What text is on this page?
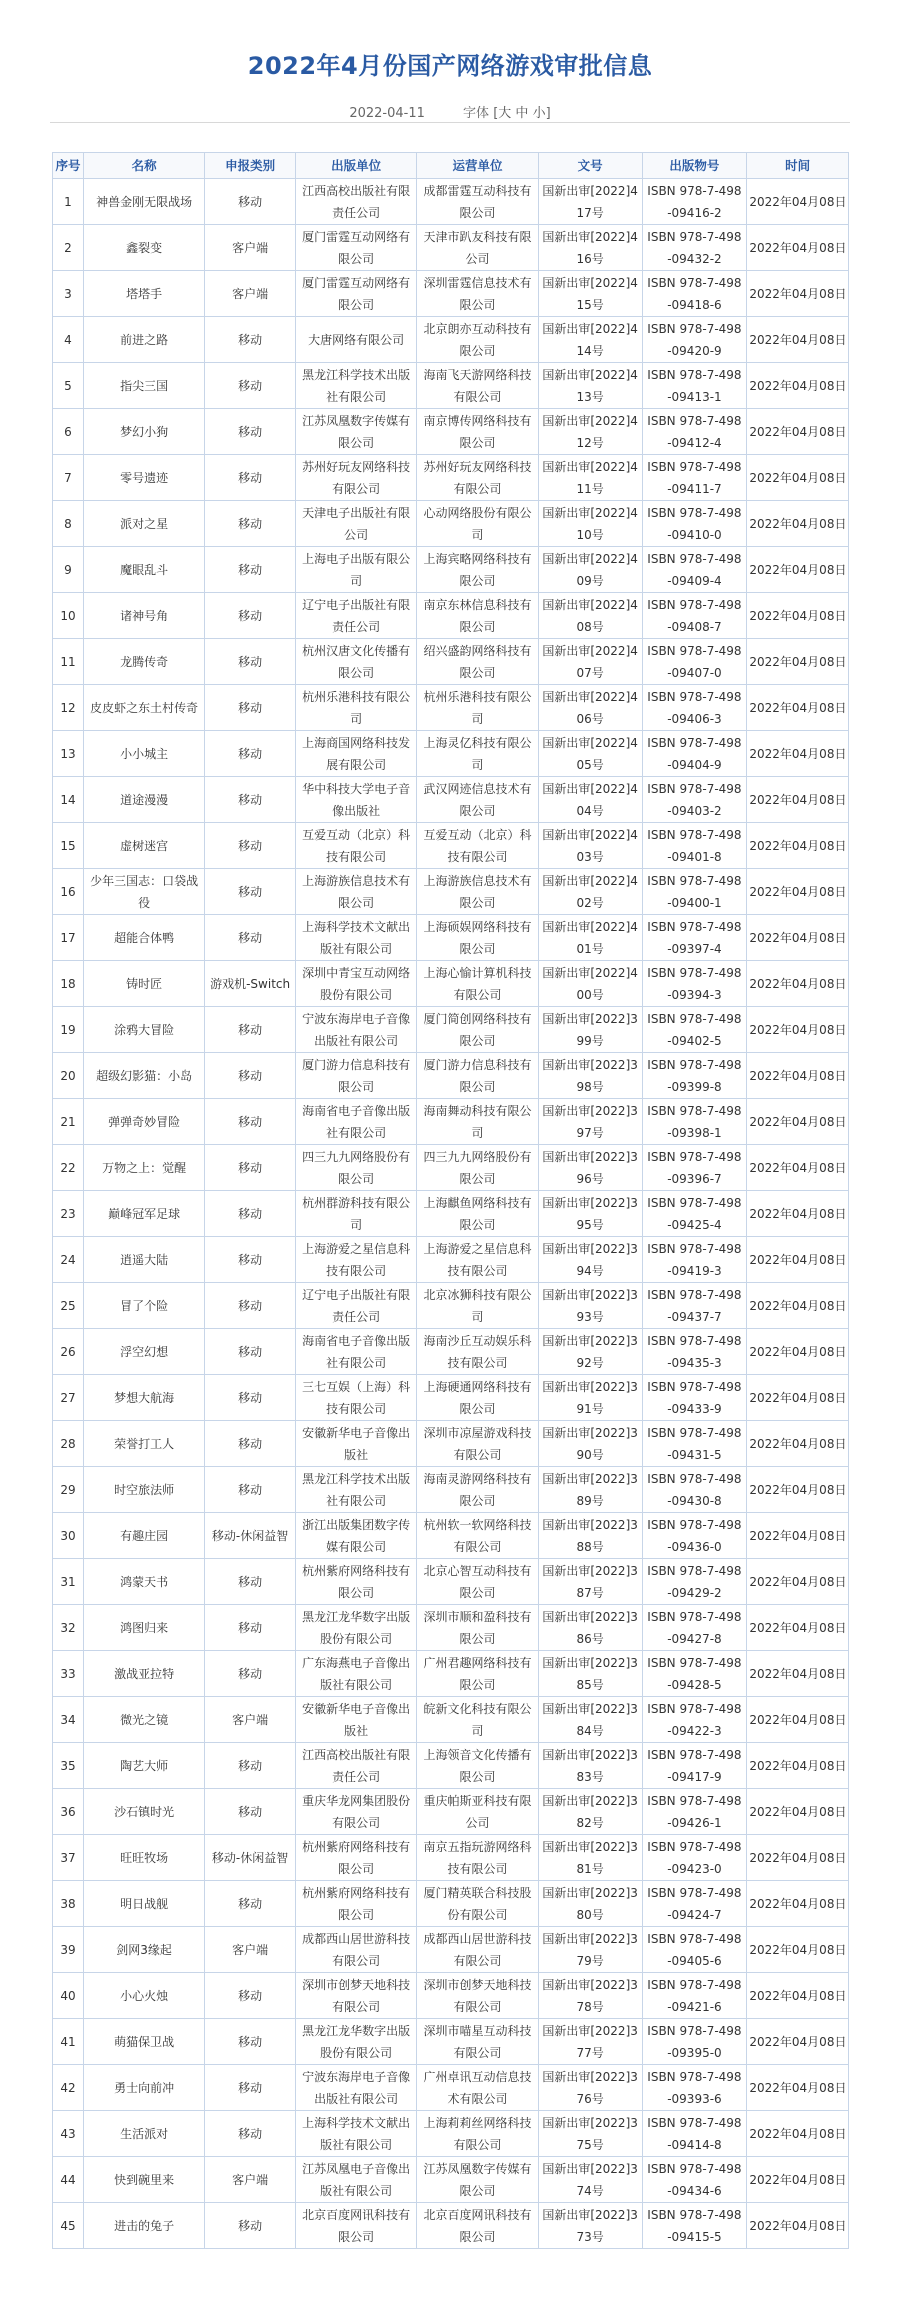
2022年4月份国产网络游戏审批信息
2022-04-11	字体 [大 中 小]
序号	名称	申报类别	出版单位	运营单位	文号	出版物号	时间
1	神兽金刚无限战场	移动	江西高校出版社有限责任公司	成都雷霆互动科技有限公司	国新出审[2022]417号	ISBN 978-7-498-09416-2	2022年04月08日
2	鑫裂变	客户端	厦门雷霆互动网络有限公司	天津市趴友科技有限公司	国新出审[2022]416号	ISBN 978-7-498-09432-2	2022年04月08日
3	塔塔手	客户端	厦门雷霆互动网络有限公司	深圳雷霆信息技术有限公司	国新出审[2022]415号	ISBN 978-7-498-09418-6	2022年04月08日
4	前进之路	移动	大唐网络有限公司	北京朗亦互动科技有限公司	国新出审[2022]414号	ISBN 978-7-498-09420-9	2022年04月08日
5	指尖三国	移动	黑龙江科学技术出版社有限公司	海南飞天游网络科技有限公司	国新出审[2022]413号	ISBN 978-7-498-09413-1	2022年04月08日
6	梦幻小狗	移动	江苏凤凰数字传媒有限公司	南京博传网络科技有限公司	国新出审[2022]412号	ISBN 978-7-498-09412-4	2022年04月08日
7	零号遗迹	移动	苏州好玩友网络科技有限公司	苏州好玩友网络科技有限公司	国新出审[2022]411号	ISBN 978-7-498-09411-7	2022年04月08日
8	派对之星	移动	天津电子出版社有限公司	心动网络股份有限公司	国新出审[2022]410号	ISBN 978-7-498-09410-0	2022年04月08日
9	魔眼乱斗	移动	上海电子出版有限公司	上海宾略网络科技有限公司	国新出审[2022]409号	ISBN 978-7-498-09409-4	2022年04月08日
10	诸神号角	移动	辽宁电子出版社有限责任公司	南京东林信息科技有限公司	国新出审[2022]408号	ISBN 978-7-498-09408-7	2022年04月08日
11	龙腾传奇	移动	杭州汉唐文化传播有限公司	绍兴盛韵网络科技有限公司	国新出审[2022]407号	ISBN 978-7-498-09407-0	2022年04月08日
12	皮皮虾之东土村传奇	移动	杭州乐港科技有限公司	杭州乐港科技有限公司	国新出审[2022]406号	ISBN 978-7-498-09406-3	2022年04月08日
13	小小城主	移动	上海商国网络科技发展有限公司	上海灵亿科技有限公司	国新出审[2022]405号	ISBN 978-7-498-09404-9	2022年04月08日
14	道途漫漫	移动	华中科技大学电子音像出版社	武汉网迹信息技术有限公司	国新出审[2022]404号	ISBN 978-7-498-09403-2	2022年04月08日
15	虚树迷宫	移动	互爱互动（北京）科技有限公司	互爱互动（北京）科技有限公司	国新出审[2022]403号	ISBN 978-7-498-09401-8	2022年04月08日
16	少年三国志：口袋战役	移动	上海游族信息技术有限公司	上海游族信息技术有限公司	国新出审[2022]402号	ISBN 978-7-498-09400-1	2022年04月08日
17	超能合体鸭	移动	上海科学技术文献出版社有限公司	上海硕娱网络科技有限公司	国新出审[2022]401号	ISBN 978-7-498-09397-4	2022年04月08日
18	铸时匠	游戏机-Switch	深圳中青宝互动网络股份有限公司	上海心愉计算机科技有限公司	国新出审[2022]400号	ISBN 978-7-498-09394-3	2022年04月08日
19	涂鸦大冒险	移动	宁波东海岸电子音像出版社有限公司	厦门简创网络科技有限公司	国新出审[2022]399号	ISBN 978-7-498-09402-5	2022年04月08日
20	超级幻影猫：小岛	移动	厦门游力信息科技有限公司	厦门游力信息科技有限公司	国新出审[2022]398号	ISBN 978-7-498-09399-8	2022年04月08日
21	弹弹奇妙冒险	移动	海南省电子音像出版社有限公司	海南舞动科技有限公司	国新出审[2022]397号	ISBN 978-7-498-09398-1	2022年04月08日
22	万物之上：觉醒	移动	四三九九网络股份有限公司	四三九九网络股份有限公司	国新出审[2022]396号	ISBN 978-7-498-09396-7	2022年04月08日
23	巅峰冠军足球	移动	杭州群游科技有限公司	上海麒鱼网络科技有限公司	国新出审[2022]395号	ISBN 978-7-498-09425-4	2022年04月08日
24	逍遥大陆	移动	上海游爱之星信息科技有限公司	上海游爱之星信息科技有限公司	国新出审[2022]394号	ISBN 978-7-498-09419-3	2022年04月08日
25	冒了个险	移动	辽宁电子出版社有限责任公司	北京冰狮科技有限公司	国新出审[2022]393号	ISBN 978-7-498-09437-7	2022年04月08日
26	浮空幻想	移动	海南省电子音像出版社有限公司	海南沙丘互动娱乐科技有限公司	国新出审[2022]392号	ISBN 978-7-498-09435-3	2022年04月08日
27	梦想大航海	移动	三七互娱（上海）科技有限公司	上海硬通网络科技有限公司	国新出审[2022]391号	ISBN 978-7-498-09433-9	2022年04月08日
28	荣誉打工人	移动	安徽新华电子音像出版社	深圳市凉屋游戏科技有限公司	国新出审[2022]390号	ISBN 978-7-498-09431-5	2022年04月08日
29	时空旅法师	移动	黑龙江科学技术出版社有限公司	海南灵游网络科技有限公司	国新出审[2022]389号	ISBN 978-7-498-09430-8	2022年04月08日
30	有趣庄园	移动-休闲益智	浙江出版集团数字传媒有限公司	杭州软一软网络科技有限公司	国新出审[2022]388号	ISBN 978-7-498-09436-0	2022年04月08日
31	鸿蒙天书	移动	杭州紫府网络科技有限公司	北京心智互动科技有限公司	国新出审[2022]387号	ISBN 978-7-498-09429-2	2022年04月08日
32	鸿图归来	移动	黑龙江龙华数字出版股份有限公司	深圳市顺和盈科技有限公司	国新出审[2022]386号	ISBN 978-7-498-09427-8	2022年04月08日
33	激战亚拉特	移动	广东海燕电子音像出版社有限公司	广州君趣网络科技有限公司	国新出审[2022]385号	ISBN 978-7-498-09428-5	2022年04月08日
34	微光之镜	客户端	安徽新华电子音像出版社	皖新文化科技有限公司	国新出审[2022]384号	ISBN 978-7-498-09422-3	2022年04月08日
35	陶艺大师	移动	江西高校出版社有限责任公司	上海领音文化传播有限公司	国新出审[2022]383号	ISBN 978-7-498-09417-9	2022年04月08日
36	沙石镇时光	移动	重庆华龙网集团股份有限公司	重庆帕斯亚科技有限公司	国新出审[2022]382号	ISBN 978-7-498-09426-1	2022年04月08日
37	旺旺牧场	移动-休闲益智	杭州紫府网络科技有限公司	南京五指玩游网络科技有限公司	国新出审[2022]381号	ISBN 978-7-498-09423-0	2022年04月08日
38	明日战舰	移动	杭州紫府网络科技有限公司	厦门精英联合科技股份有限公司	国新出审[2022]380号	ISBN 978-7-498-09424-7	2022年04月08日
39	剑网3缘起	客户端	成都西山居世游科技有限公司	成都西山居世游科技有限公司	国新出审[2022]379号	ISBN 978-7-498-09405-6	2022年04月08日
40	小心火烛	移动	深圳市创梦天地科技有限公司	深圳市创梦天地科技有限公司	国新出审[2022]378号	ISBN 978-7-498-09421-6	2022年04月08日
41	萌猫保卫战	移动	黑龙江龙华数字出版股份有限公司	深圳市喵星互动科技有限公司	国新出审[2022]377号	ISBN 978-7-498-09395-0	2022年04月08日
42	勇士向前冲	移动	宁波东海岸电子音像出版社有限公司	广州卓讯互动信息技术有限公司	国新出审[2022]376号	ISBN 978-7-498-09393-6	2022年04月08日
43	生活派对	移动	上海科学技术文献出版社有限公司	上海莉莉丝网络科技有限公司	国新出审[2022]375号	ISBN 978-7-498-09414-8	2022年04月08日
44	快到碗里来	客户端	江苏凤凰电子音像出版社有限公司	江苏凤凰数字传媒有限公司	国新出审[2022]374号	ISBN 978-7-498-09434-6	2022年04月08日
45	进击的兔子	移动	北京百度网讯科技有限公司	北京百度网讯科技有限公司	国新出审[2022]373号	ISBN 978-7-498-09415-5	2022年04月08日
